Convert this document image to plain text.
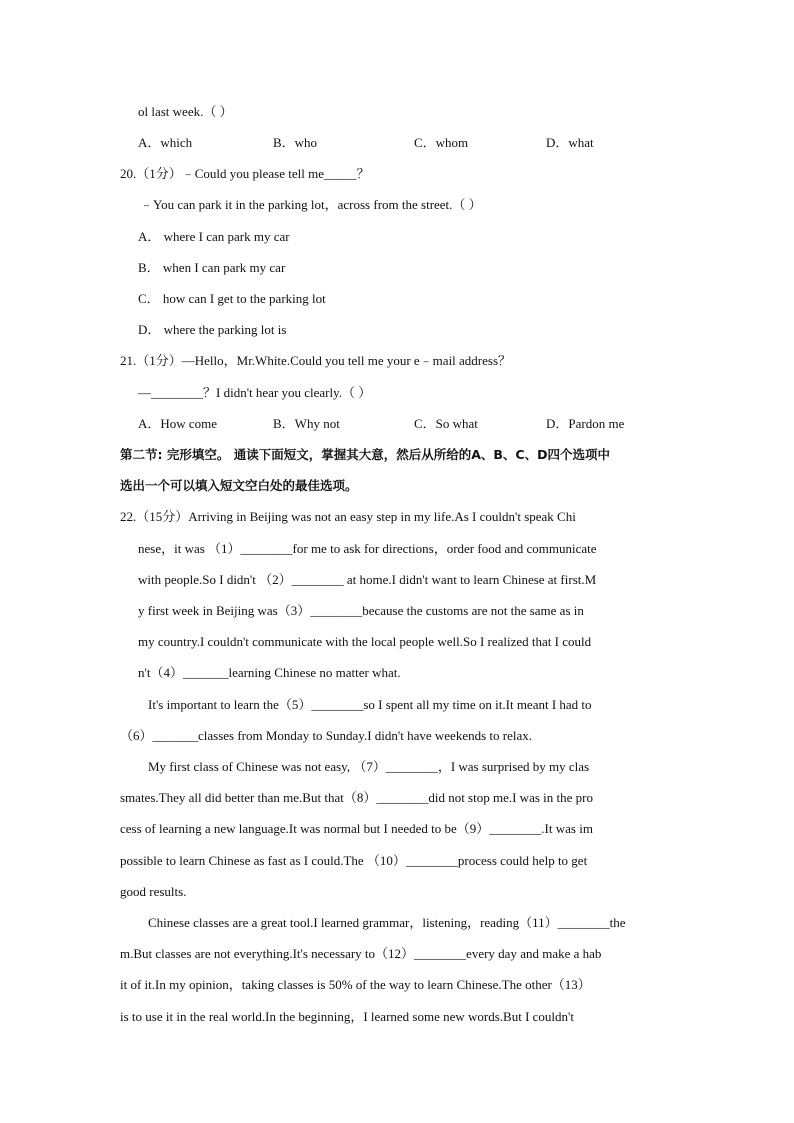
ol last week.（ ）
A．which	B．who	C．whom	D．what
20.（1分）﹣Could you please tell me_____？
﹣You can park it in the parking lot，across from the street.（ ）
A． where I can park my car
B． when I can park my car
C． how can I get to the parking lot
D． where the parking lot is
21.（1分）—Hello，Mr.White.Could you tell me your e﹣mail address？
—________？I didn't hear you clearly.（ ）
A．How come	B．Why not	C．So what	D．Pardon me
第二节: 完形填空。 通读下面短文，掌握其大意，然后从所给的A、B、C、D四个选项中
选出一个可以填入短文空白处的最佳选项。
22.（15分）Arriving in Beijing was not an easy step in my life.As I couldn't speak Chi
nese，it was （1）________for me to ask for directions，order food and communicate
with people.So I didn't （2）________ at home.I didn't want to learn Chinese at first.M
y first week in Beijing was（3）________because the customs are not the same as in
my country.I couldn't communicate with the local people well.So I realized that I could
n't（4）_______learning Chinese no matter what.
It's important to learn the（5）________so I spent all my time on it.It meant I had to
（6）_______classes from Monday to Sunday.I didn't have weekends to relax.
My first class of Chinese was not easy, （7）________，I was surprised by my clas
smates.They all did better than me.But that（8）________did not stop me.I was in the pro
cess of learning a new language.It was normal but I needed to be（9）________.It was im
possible to learn Chinese as fast as I could.The （10）________process could help to get
good results.
Chinese classes are a great tool.I learned grammar，listening，reading（11）________the
m.But classes are not everything.It's necessary to（12）________every day and make a hab
it of it.In my opinion，taking classes is 50% of the way to learn Chinese.The other（13）
is to use it in the real world.In the beginning，I learned some new words.But I couldn't
